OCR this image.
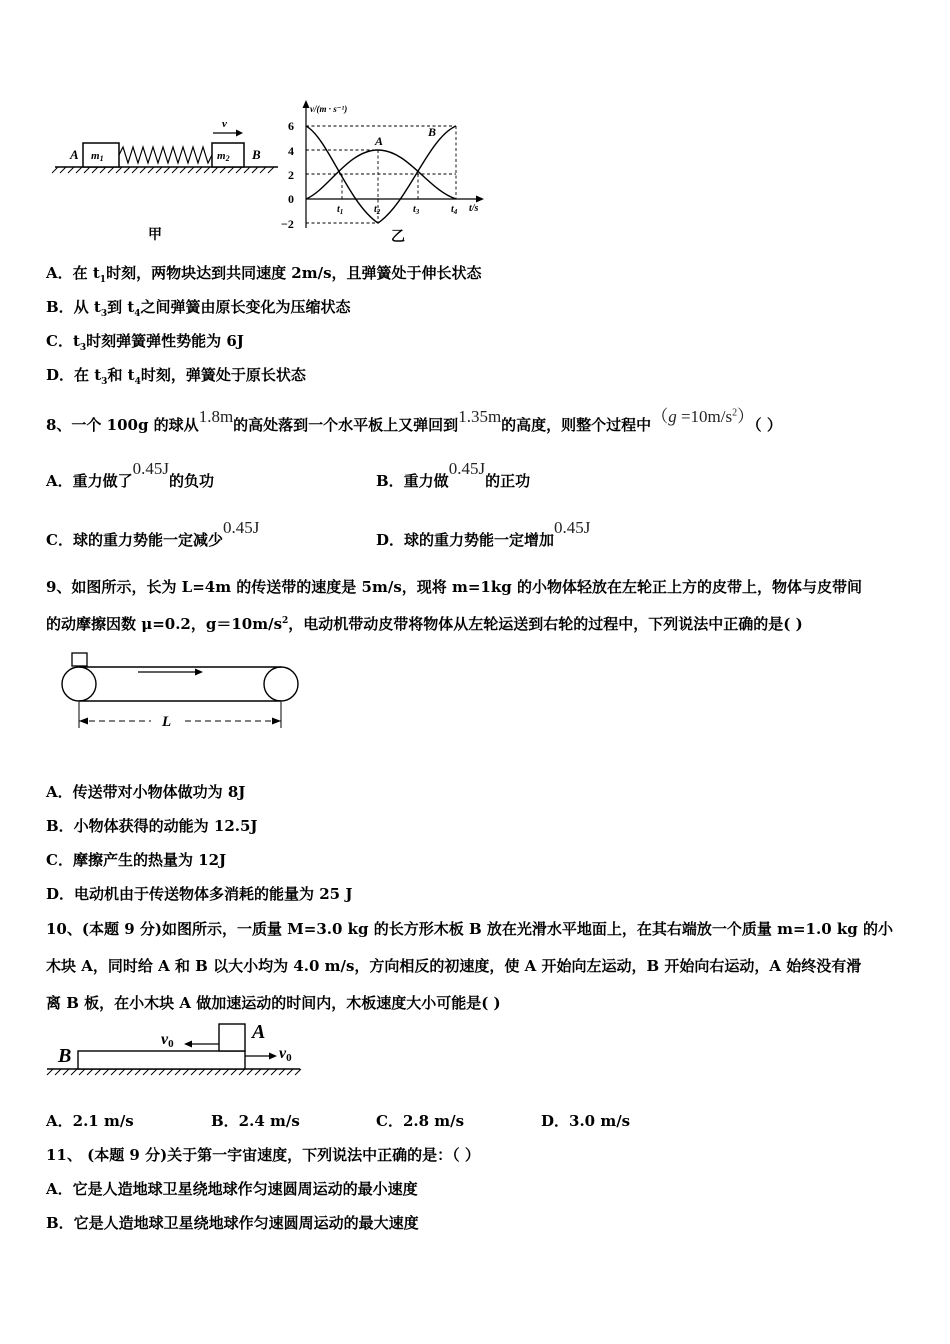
v
A	B
m1	m2
甲
v/(m · s⁻¹)
t/s
6
4
2
0
−2
A
B
$t_1$	$t_2$	$t_3$	$t_4$
乙
A．在 $t_1$时刻，两物块达到共同速度 2m/s，且弹簧处于伸长状态
B．从 $t_3$到 $t_4$之间弹簧由原长变化为压缩状态
C．$t_3$时刻弹簧弹性势能为 6J
D．在 $t_3$和 $t_4$时刻，弹簧处于原长状态
8、一个 100g 的球从1.8m的高处落到一个水平板上又弹回到1.35m的高度，则整个过程中$(g =10m/s^2)$（ ）
A．重力做了0.45J的负功	B．重力做0.45J的正功
C．球的重力势能一定减少0.45J
D．球的重力势能一定增加0.45J
9、如图所示，长为 L=4m 的传送带的速度是 5m/s，现将 m=1kg 的小物体轻放在左轮正上方的皮带上，物体与皮带间
的动摩擦因数 μ=0.2，$g=10m/s^2$，电动机带动皮带将物体从左轮运送到右轮的过程中，下列说法中正确的是( )
L
A．传送带对小物体做功为 8J
B．小物体获得的动能为 12.5J
C．摩擦产生的热量为 12J
D．电动机由于传送物体多消耗的能量为 25 J
10、(本题 9 分)如图所示，一质量 M=3.0 kg 的长方形木板 B 放在光滑水平地面上，在其右端放一个质量 m=1.0 kg 的小
木块 A，同时给 A 和 B 以大小均为 4.0 m/s，方向相反的初速度，使 A 开始向左运动，B 开始向右运动，A 始终没有滑
离 B 板，在小木块 A 做加速运动的时间内，木板速度大小可能是( )
B
A
v0
v0
A．2.1 m/s	B．2.4 m/s	C．2.8 m/s	D．3.0 m/s
11、 (本题 9 分)关于第一宇宙速度，下列说法中正确的是：（ ）
A．它是人造地球卫星绕地球作匀速圆周运动的最小速度
B．它是人造地球卫星绕地球作匀速圆周运动的最大速度
